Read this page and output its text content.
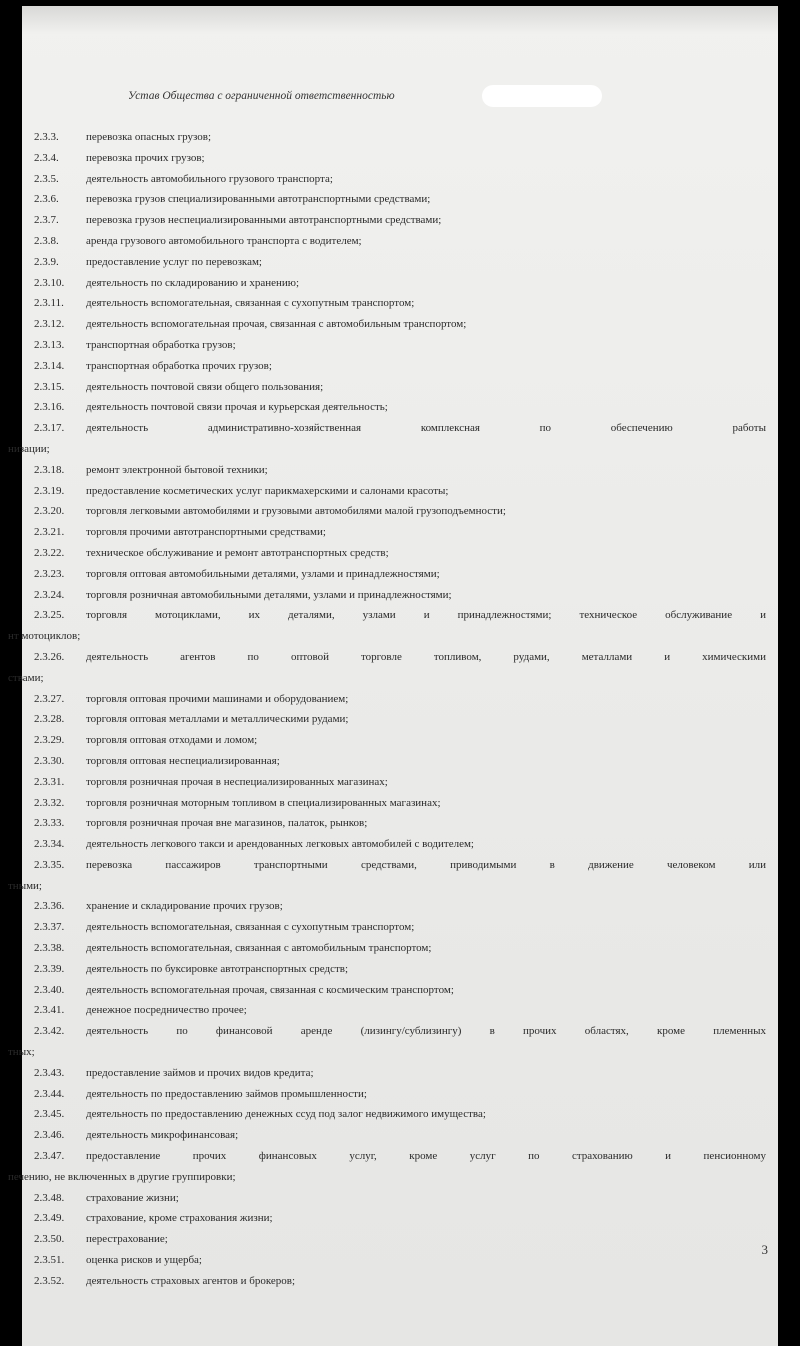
Устав Общества с ограниченной ответственностью
2.3.3.	перевозка опасных грузов;
2.3.4.	перевозка прочих грузов;
2.3.5.	деятельность автомобильного грузового транспорта;
2.3.6.	перевозка грузов специализированными автотранспортными средствами;
2.3.7.	перевозка грузов неспециализированными автотранспортными средствами;
2.3.8.	аренда грузового автомобильного транспорта с водителем;
2.3.9.	предоставление услуг по перевозкам;
2.3.10.	деятельность по складированию и хранению;
2.3.11.	деятельность вспомогательная, связанная с сухопутным транспортом;
2.3.12.	деятельность вспомогательная прочая, связанная с автомобильным транспортом;
2.3.13.	транспортная обработка грузов;
2.3.14.	транспортная обработка прочих грузов;
2.3.15.	деятельность почтовой связи общего пользования;
2.3.16.	деятельность почтовой связи прочая и курьерская деятельность;
2.3.17.	деятельность административно-хозяйственная комплексная по обеспечению работы
низации;
2.3.18.	ремонт электронной бытовой техники;
2.3.19.	предоставление косметических услуг парикмахерскими и салонами красоты;
2.3.20.	торговля легковыми автомобилями и грузовыми автомобилями малой грузоподъемности;
2.3.21.	торговля прочими автотранспортными средствами;
2.3.22.	техническое обслуживание и ремонт автотранспортных средств;
2.3.23.	торговля оптовая автомобильными деталями, узлами и принадлежностями;
2.3.24.	торговля розничная автомобильными деталями, узлами и принадлежностями;
2.3.25.	торговля мотоциклами, их деталями, узлами и принадлежностями; техническое обслуживание и
нт мотоциклов;
2.3.26.	деятельность агентов по оптовой торговле топливом, рудами, металлами и химическими
ствами;
2.3.27.	торговля оптовая прочими машинами и оборудованием;
2.3.28.	торговля оптовая металлами и металлическими рудами;
2.3.29.	торговля оптовая отходами и ломом;
2.3.30.	торговля оптовая неспециализированная;
2.3.31.	торговля розничная прочая в неспециализированных магазинах;
2.3.32.	торговля розничная моторным топливом в специализированных магазинах;
2.3.33.	торговля розничная прочая вне магазинов, палаток, рынков;
2.3.34.	деятельность легкового такси и арендованных легковых автомобилей с водителем;
2.3.35.	перевозка пассажиров транспортными средствами, приводимыми в движение человеком или
тными;
2.3.36.	хранение и складирование прочих грузов;
2.3.37.	деятельность вспомогательная, связанная с сухопутным транспортом;
2.3.38.	деятельность вспомогательная, связанная с автомобильным транспортом;
2.3.39.	деятельность по буксировке автотранспортных средств;
2.3.40.	деятельность вспомогательная прочая, связанная с космическим транспортом;
2.3.41.	денежное посредничество прочее;
2.3.42.	деятельность по финансовой аренде (лизингу/сублизингу) в прочих областях, кроме племенных
тных;
2.3.43.	предоставление займов и прочих видов кредита;
2.3.44.	деятельность по предоставлению займов промышленности;
2.3.45.	деятельность по предоставлению денежных ссуд под залог недвижимого имущества;
2.3.46.	деятельность микрофинансовая;
2.3.47.	предоставление прочих финансовых услуг, кроме услуг по страхованию и пенсионному
печению, не включенных в другие группировки;
2.3.48.	страхование жизни;
2.3.49.	страхование, кроме страхования жизни;
2.3.50.	перестрахование;
2.3.51.	оценка рисков и ущерба;
2.3.52.	деятельность страховых агентов и брокеров;
3
